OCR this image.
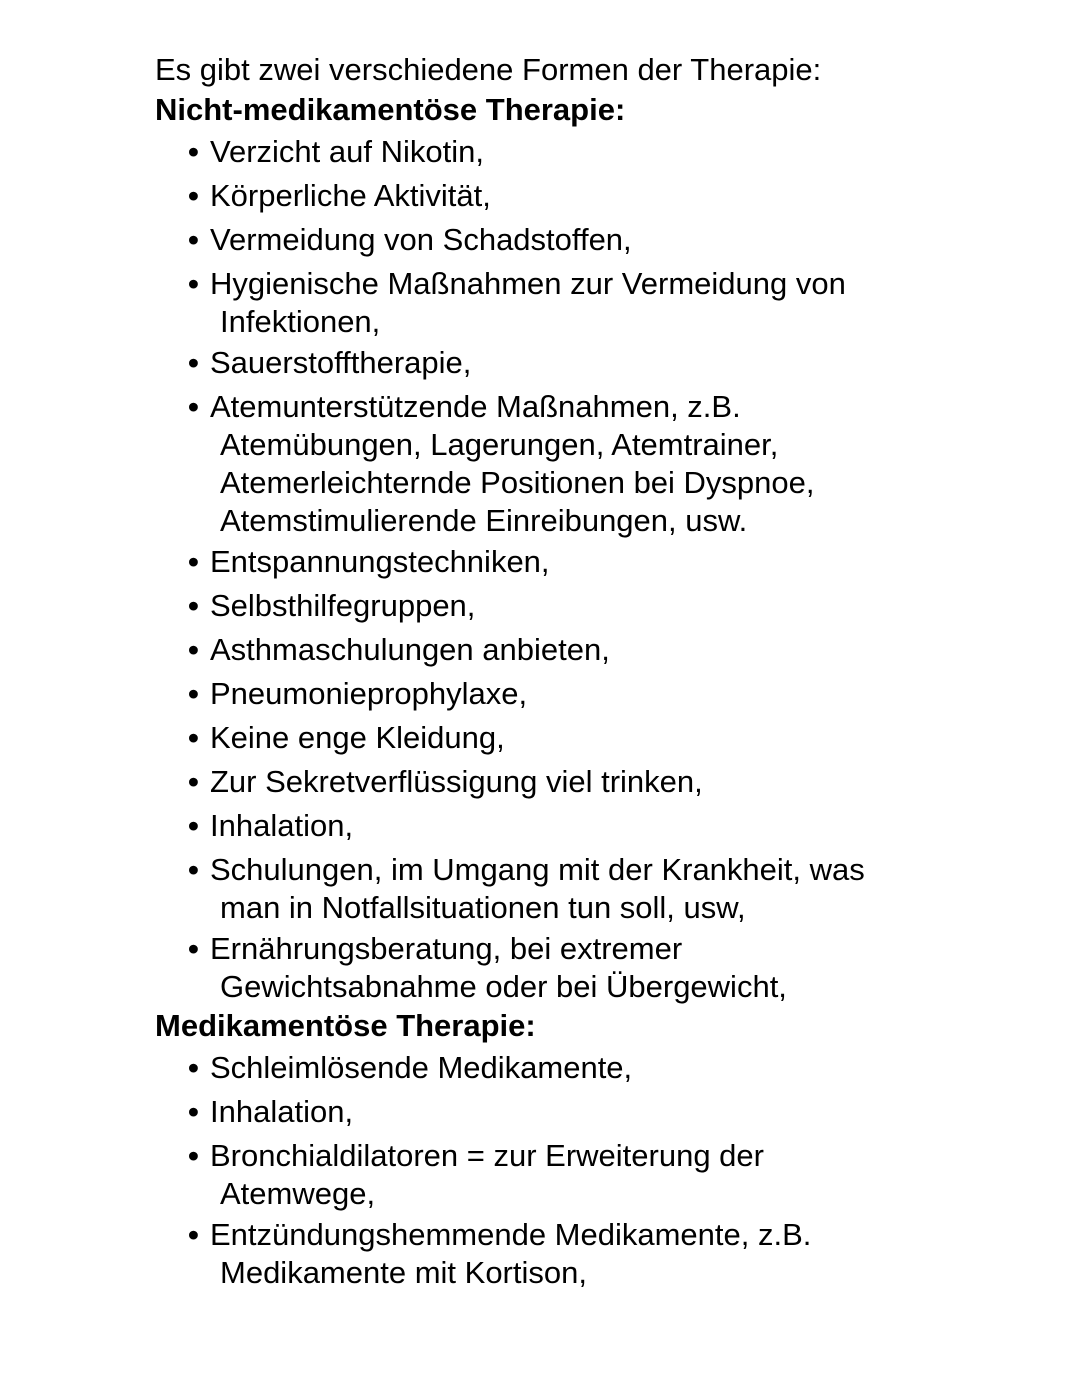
Es gibt zwei verschiedene Formen der Therapie:

Nicht-medikamentöse Therapie:

• Verzicht auf Nikotin,
• Körperliche Aktivität,
• Vermeidung von Schadstoffen,
• Hygienische Maßnahmen zur Vermeidung von
Infektionen,
• Sauerstofftherapie,
• Atemunterstützende Maßnahmen, z.B.
Atemübungen, Lagerungen, Atemtrainer,
Atemerleichternde Positionen bei Dyspnoe,
Atemstimulierende Einreibungen, usw.
• Entspannungstechniken,
• Selbsthilfegruppen,
• Asthmaschulungen anbieten,
• Pneumonieprophylaxe,
• Keine enge Kleidung,
• Zur Sekretverflüssigung viel trinken,
• Inhalation,
• Schulungen, im Umgang mit der Krankheit, was
man in Notfallsituationen tun soll, usw,
• Ernährungsberatung, bei extremer
Gewichtsabnahme oder bei Übergewicht,

Medikamentöse Therapie:

• Schleimlösende Medikamente,
• Inhalation,
• Bronchialdilatoren = zur Erweiterung der
Atemwege,
• Entzündungshemmende Medikamente, z.B.
Medikamente mit Kortison,
